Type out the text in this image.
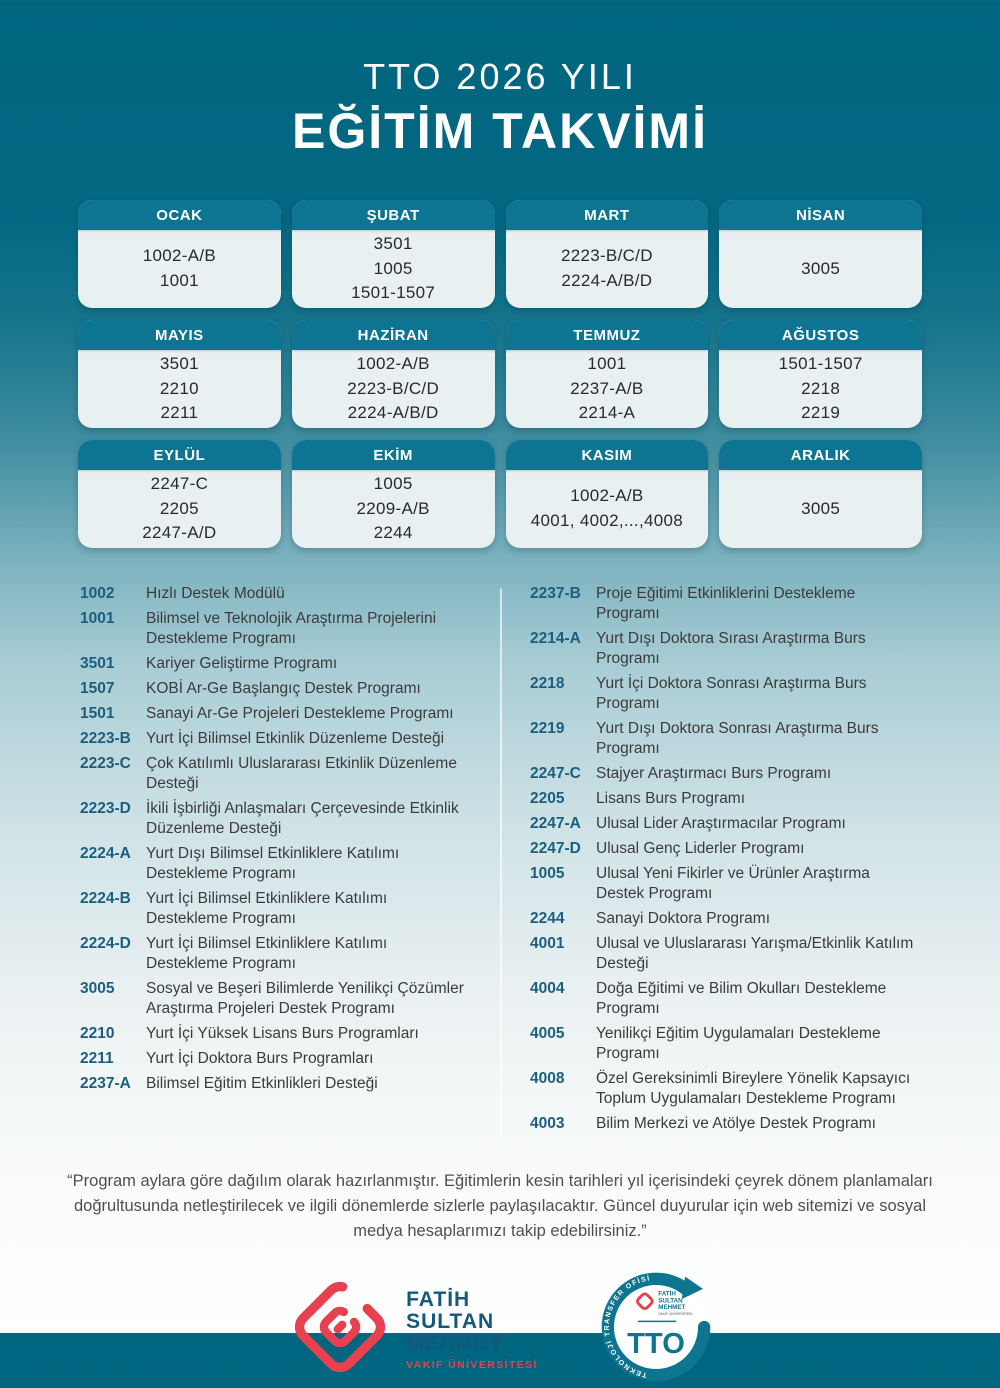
TTO 2026 YILI
EĞİTİM TAKVİMİ
OCAK
1002-A/B
1001
ŞUBAT
3501
1005
1501-1507
MART
2223-B/C/D
2224-A/B/D
NİSAN
3005
MAYIS
3501
2210
2211
HAZİRAN
1002-A/B
2223-B/C/D
2224-A/B/D
TEMMUZ
1001
2237-A/B
2214-A
AĞUSTOS
1501-1507
2218
2219
EYLÜL
2247-C
2205
2247-A/D
EKİM
1005
2209-A/B
2244
KASIM
1002-A/B
4001, 4002,...,4008
ARALIK
3005
1002	Hızlı Destek Modülü
1001	Bilimsel ve Teknolojik Araştırma Projelerini Destekleme Programı
3501	Kariyer Geliştirme Programı
1507	KOBİ Ar-Ge Başlangıç Destek Programı
1501	Sanayi Ar-Ge Projeleri Destekleme Programı
2223-B Yurt İçi Bilimsel Etkinlik Düzenleme Desteği
2223-C Çok Katılımlı Uluslararası Etkinlik Düzenleme Desteği
2223-D İkili İşbirliği Anlaşmaları Çerçevesinde Etkinlik Düzenleme Desteği
2224-A Yurt Dışı Bilimsel Etkinliklere Katılımı Destekleme Programı
2224-B Yurt İçi Bilimsel Etkinliklere Katılımı Destekleme Programı
2224-D Yurt İçi Bilimsel Etkinliklere Katılımı Destekleme Programı
3005	Sosyal ve Beşeri Bilimlerde Yenilikçi Çözümler Araştırma Projeleri Destek Programı
2210	Yurt İçi Yüksek Lisans Burs Programları
2211	Yurt İçi Doktora Burs Programları
2237-A Bilimsel Eğitim Etkinlikleri Desteği
2237-B Proje Eğitimi Etkinliklerini Destekleme Programı
2214-A Yurt Dışı Doktora Sırası Araştırma Burs Programı
2218	Yurt İçi Doktora Sonrası Araştırma Burs Programı
2219	Yurt Dışı Doktora Sonrası Araştırma Burs Programı
2247-C Stajyer Araştırmacı Burs Programı
2205	Lisans Burs Programı
2247-A Ulusal Lider Araştırmacılar Programı
2247-D Ulusal Genç Liderler Programı
1005	Ulusal Yeni Fikirler ve Ürünler Araştırma Destek Programı
2244	Sanayi Doktora Programı
4001	Ulusal ve Uluslararası Yarışma/Etkinlik Katılım Desteği
4004	Doğa Eğitimi ve Bilim Okulları Destekleme Programı
4005	Yenilikçi Eğitim Uygulamaları Destekleme Programı
4008	Özel Gereksinimli Bireylere Yönelik Kapsayıcı Toplum Uygulamaları Destekleme Programı
4003	Bilim Merkezi ve Atölye Destek Programı
“Program aylara göre dağılım olarak hazırlanmıştır. Eğitimlerin kesin tarihleri yıl içerisindeki çeyrek dönem planlamaları doğrultusunda netleştirilecek ve ilgili dönemlerde sizlerle paylaşılacaktır. Güncel duyurular için web sitemizi ve sosyal medya hesaplarımızı takip edebilirsiniz.”
FATİH
SULTAN
MEHMET
VAKIF ÜNİVERSİTESİ
TEKNOLOJİ TRANSFER OFİSİ
FATİH
SULTAN
MEHMET
VAKIF ÜNİVERSİTESİ
TTO
